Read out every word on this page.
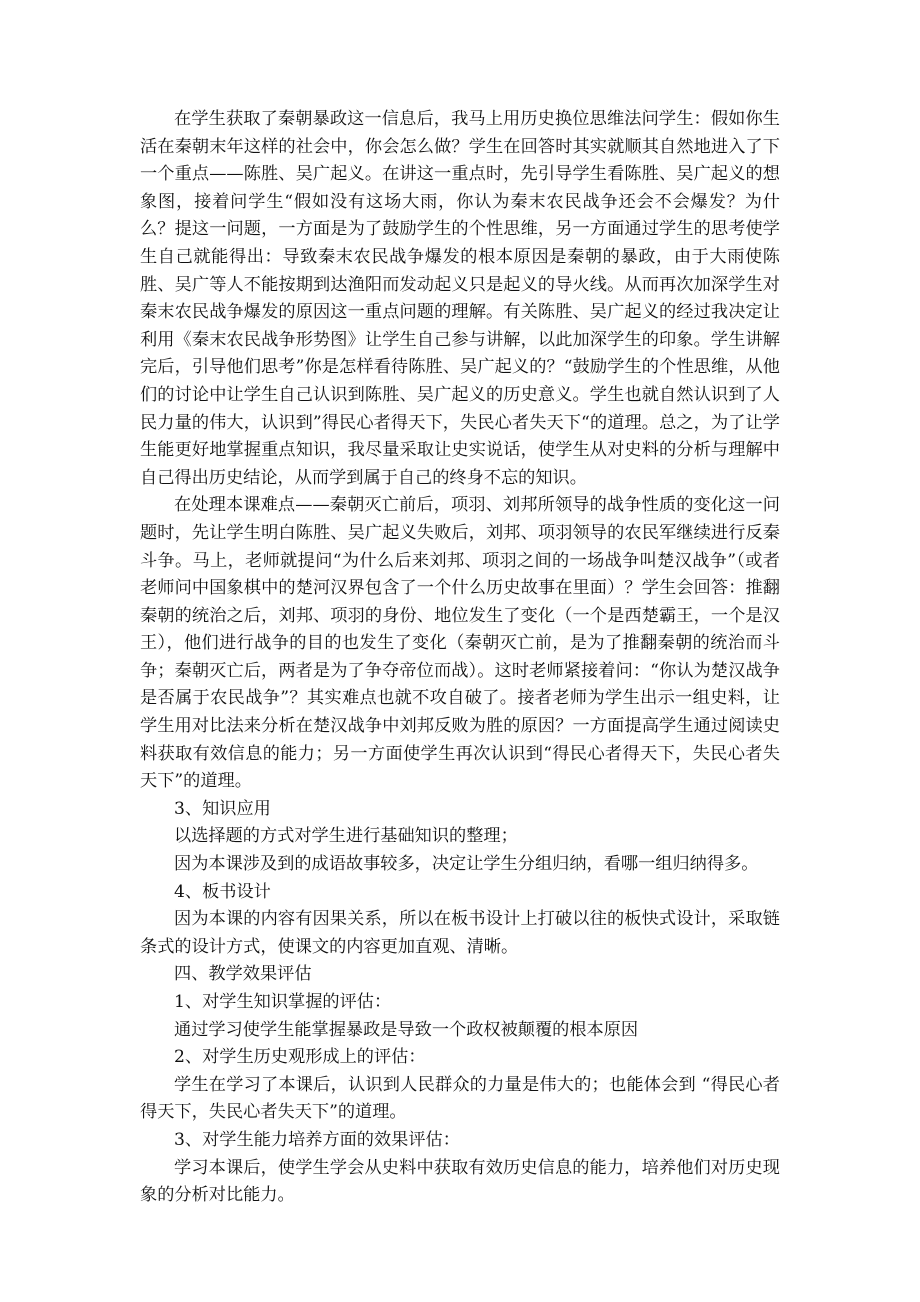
在学生获取了秦朝暴政这一信息后，我马上用历史换位思维法问学生：假如你生活在秦朝末年这样的社会中，你会怎么做？学生在回答时其实就顺其自然地进入了下一个重点——陈胜、吴广起义。在讲这一重点时，先引导学生看陈胜、吴广起义的想象图，接着问学生“假如没有这场大雨，你认为秦末农民战争还会不会爆发？为什么？提这一问题，一方面是为了鼓励学生的个性思维，另一方面通过学生的思考使学生自己就能得出：导致秦末农民战争爆发的根本原因是秦朝的暴政，由于大雨使陈胜、吴广等人不能按期到达渔阳而发动起义只是起义的导火线。从而再次加深学生对秦末农民战争爆发的原因这一重点问题的理解。有关陈胜、吴广起义的经过我决定让利用《秦末农民战争形势图》让学生自己参与讲解，以此加深学生的印象。学生讲解完后，引导他们思考”你是怎样看待陈胜、吴广起义的？“鼓励学生的个性思维，从他们的讨论中让学生自己认识到陈胜、吴广起义的历史意义。学生也就自然认识到了人民力量的伟大，认识到”得民心者得天下，失民心者失天下“的道理。总之，为了让学生能更好地掌握重点知识，我尽量采取让史实说话，使学生从对史料的分析与理解中自己得出历史结论，从而学到属于自己的终身不忘的知识。

在处理本课难点——秦朝灭亡前后，项羽、刘邦所领导的战争性质的变化这一问题时，先让学生明白陈胜、吴广起义失败后，刘邦、项羽领导的农民军继续进行反秦斗争。马上，老师就提问“为什么后来刘邦、项羽之间的一场战争叫楚汉战争”（或者老师问中国象棋中的楚河汉界包含了一个什么历史故事在里面）？学生会回答：推翻秦朝的统治之后，刘邦、项羽的身份、地位发生了变化（一个是西楚霸王，一个是汉王），他们进行战争的目的也发生了变化（秦朝灭亡前，是为了推翻秦朝的统治而斗争；秦朝灭亡后，两者是为了争夺帝位而战）。这时老师紧接着问：“你认为楚汉战争是否属于农民战争”？其实难点也就不攻自破了。接者老师为学生出示一组史料，让学生用对比法来分析在楚汉战争中刘邦反败为胜的原因？一方面提高学生通过阅读史料获取有效信息的能力；另一方面使学生再次认识到“得民心者得天下，失民心者失天下”的道理。

3、知识应用

以选择题的方式对学生进行基础知识的整理；

因为本课涉及到的成语故事较多，决定让学生分组归纳，看哪一组归纳得多。

4、板书设计

因为本课的内容有因果关系，所以在板书设计上打破以往的板快式设计，采取链条式的设计方式，使课文的内容更加直观、清晰。

四、教学效果评估

1、对学生知识掌握的评估：

通过学习使学生能掌握暴政是导致一个政权被颠覆的根本原因

2、对学生历史观形成上的评估：

学生在学习了本课后，认识到人民群众的力量是伟大的；也能体会到 “得民心者得天下，失民心者失天下”的道理。

3、对学生能力培养方面的效果评估：

学习本课后，使学生学会从史料中获取有效历史信息的能力，培养他们对历史现象的分析对比能力。
